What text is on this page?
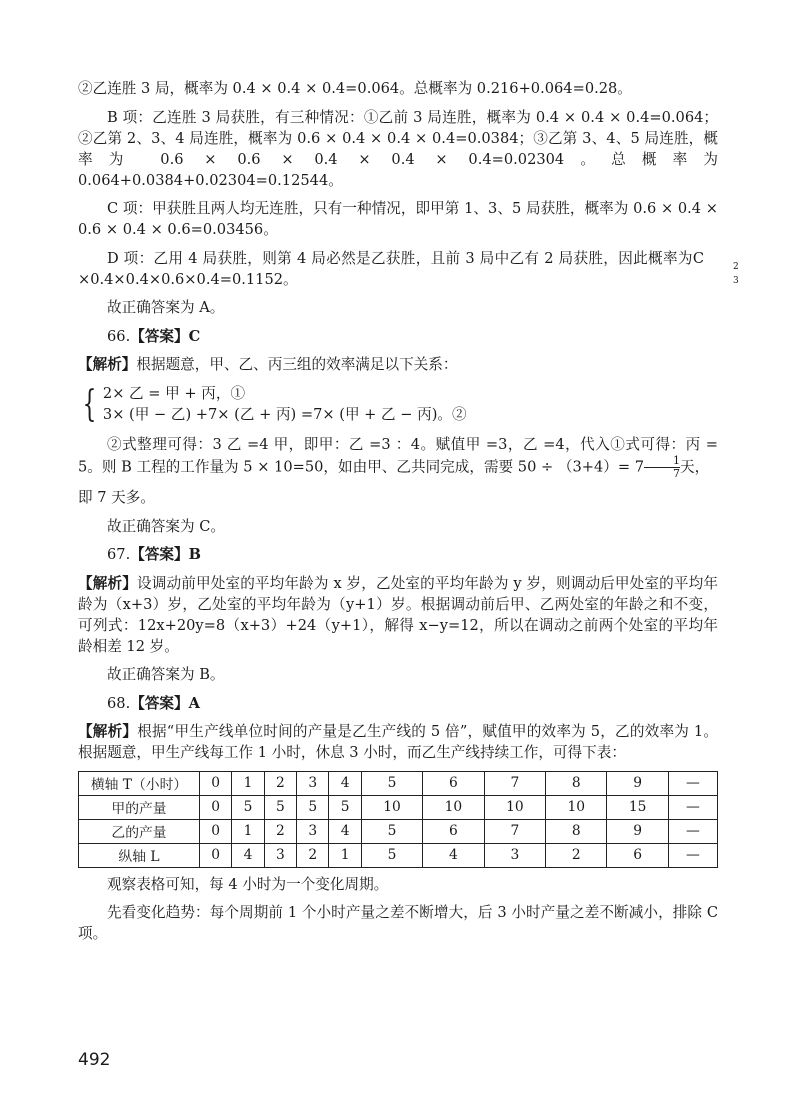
②乙连胜 3 局，概率为 0.4 × 0.4 × 0.4=0.064。总概率为 0.216+0.064=0.28。

B 项：乙连胜 3 局获胜，有三种情况：①乙前 3 局连胜，概率为 0.4 × 0.4 × 0.4=0.064；②乙第 2、3、4 局连胜，概率为 0.6 × 0.4 × 0.4 × 0.4=0.0384；③乙第 3、4、5 局连胜，概率为 0.6 × 0.6 × 0.4 × 0.4 × 0.4=0.02304。总概率为 0.064+0.0384+0.02304=0.12544。

C 项：甲获胜且两人均无连胜，只有一种情况，即甲第 1、3、5 局获胜，概率为 0.6 × 0.4 × 0.6 × 0.4 × 0.6=0.03456。

D 项：乙用 4 局获胜，则第 4 局必然是乙获胜，且前 3 局中乙有 2 局获胜，因此概率为C	2
3
×0.4×0.4×0.6×0.4=0.1152。

故正确答案为 A。

66.【答案】C

【解析】根据题意，甲、乙、丙三组的效率满足以下关系：

{ 2× 乙 = 甲 + 丙，①
3× (甲 − 乙) +7× (乙 + 丙) =7× (甲 + 乙 − 丙)。②

②式整理可得：3 乙 =4 甲，即甲：乙 =3 ：4。赋值甲 =3，乙 =4，代入①式可得：丙 = 5。则 B 工程的工作量为 5 × 10=50，如由甲、乙共同完成，需要 $50 \div (3+4)= 7 \frac{1}{7}$ 天，

即 7 天多。

故正确答案为 C。

67.【答案】B

【解析】设调动前甲处室的平均年龄为 x 岁，乙处室的平均年龄为 y 岁，则调动后甲处室的平均年龄为（x+3）岁，乙处室的平均年龄为（y+1）岁。根据调动前后甲、乙两处室的年龄之和不变，可列式：12x+20y=8（x+3）+24（y+1），解得 x−y=12，所以在调动之前两个处室的平均年龄相差 12 岁。

故正确答案为 B。

68.【答案】A

【解析】根据“甲生产线单位时间的产量是乙生产线的 5 倍”，赋值甲的效率为 5，乙的效率为 1。根据题意，甲生产线每工作 1 小时，休息 3 小时，而乙生产线持续工作，可得下表：

横轴 T（小时）	0	1	2	3	4	5	6	7	8	9	—
甲的产量	0	5	5	5	5	10	10	10	10	15	—
乙的产量	0	1	2	3	4	5	6	7	8	9	—
纵轴 L	0	4	3	2	1	5	4	3	2	6	—

观察表格可知，每 4 小时为一个变化周期。

先看变化趋势：每个周期前 1 个小时产量之差不断增大，后 3 小时产量之差不断减小，排除 C 项。

492
